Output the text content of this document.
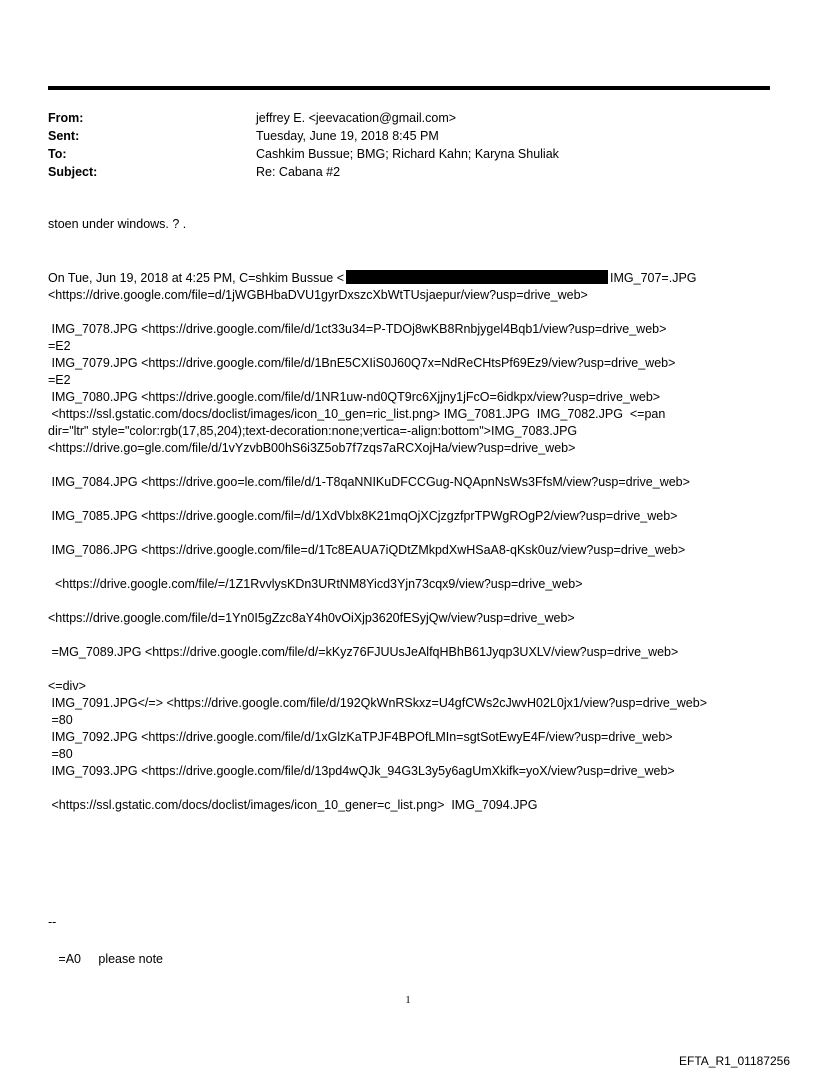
From:	jeffrey E. <jeevacation@gmail.com>
Sent:	Tuesday, June 19, 2018 8:45 PM
To:	Cashkim Bussue; BMG; Richard Kahn; Karyna Shuliak
Subject:	Re: Cabana #2
stoen under windows. ? .
On Tue, Jun 19, 2018 at 4:25 PM, C=shkim Bussue <	IMG_707=.JPG
<https://drive.google.com/file=d/1jWGBHbaDVU1gyrDxszcXbWtTUsjaepur/view?usp=drive_web>
IMG_7078.JPG <https://drive.google.com/file/d/1ct33u34=P-TDOj8wKB8Rnbjygel4Bqb1/view?usp=drive_web>
=E2
IMG_7079.JPG <https://drive.google.com/file/d/1BnE5CXIiS0J60Q7x=NdReCHtsPf69Ez9/view?usp=drive_web>
=E2
IMG_7080.JPG <https://drive.google.com/file/d/1NR1uw-nd0QT9rc6Xjjny1jFcO=6idkpx/view?usp=drive_web>
<https://ssl.gstatic.com/docs/doclist/images/icon_10_gen=ric_list.png> IMG_7081.JPG  IMG_7082.JPG  <=pan
dir="ltr" style="color:rgb(17,85,204);text-decoration:none;vertica=-align:bottom">IMG_7083.JPG
<https://drive.go=gle.com/file/d/1vYzvbB00hS6i3Z5ob7f7zqs7aRCXojHa/view?usp=drive_web>
IMG_7084.JPG <https://drive.goo=le.com/file/d/1-T8qaNNIKuDFCCGug-NQApnNsWs3FfsM/view?usp=drive_web>
IMG_7085.JPG <https://drive.google.com/fil=/d/1XdVblx8K21mqOjXCjzgzfprTPWgROgP2/view?usp=drive_web>
IMG_7086.JPG <https://drive.google.com/file=d/1Tc8EAUA7iQDtZMkpdXwHSaA8-qKsk0uz/view?usp=drive_web>
<https://drive.google.com/file/=/1Z1RvvlysKDn3URtNM8Yicd3Yjn73cqx9/view?usp=drive_web>
<https://drive.google.com/file/d=1Yn0I5gZzc8aY4h0vOiXjp3620fESyjQw/view?usp=drive_web>
=MG_7089.JPG <https://drive.google.com/file/d/=kKyz76FJUUsJeAlfqHBhB61Jyqp3UXLV/view?usp=drive_web>
<=div>
IMG_7091.JPG</=> <https://drive.google.com/file/d/192QkWnRSkxz=U4gfCWs2cJwvH02L0jx1/view?usp=drive_web>
=80
IMG_7092.JPG <https://drive.google.com/file/d/1xGlzKaTPJF4BPOfLMIn=sgtSotEwyE4F/view?usp=drive_web>
=80
IMG_7093.JPG <https://drive.google.com/file/d/13pd4wQJk_94G3L3y5y6agUmXkifk=yoX/view?usp=drive_web>
<https://ssl.gstatic.com/docs/doclist/images/icon_10_gener=c_list.png>  IMG_7094.JPG
--
=A0     please note
1
EFTA_R1_01187256
